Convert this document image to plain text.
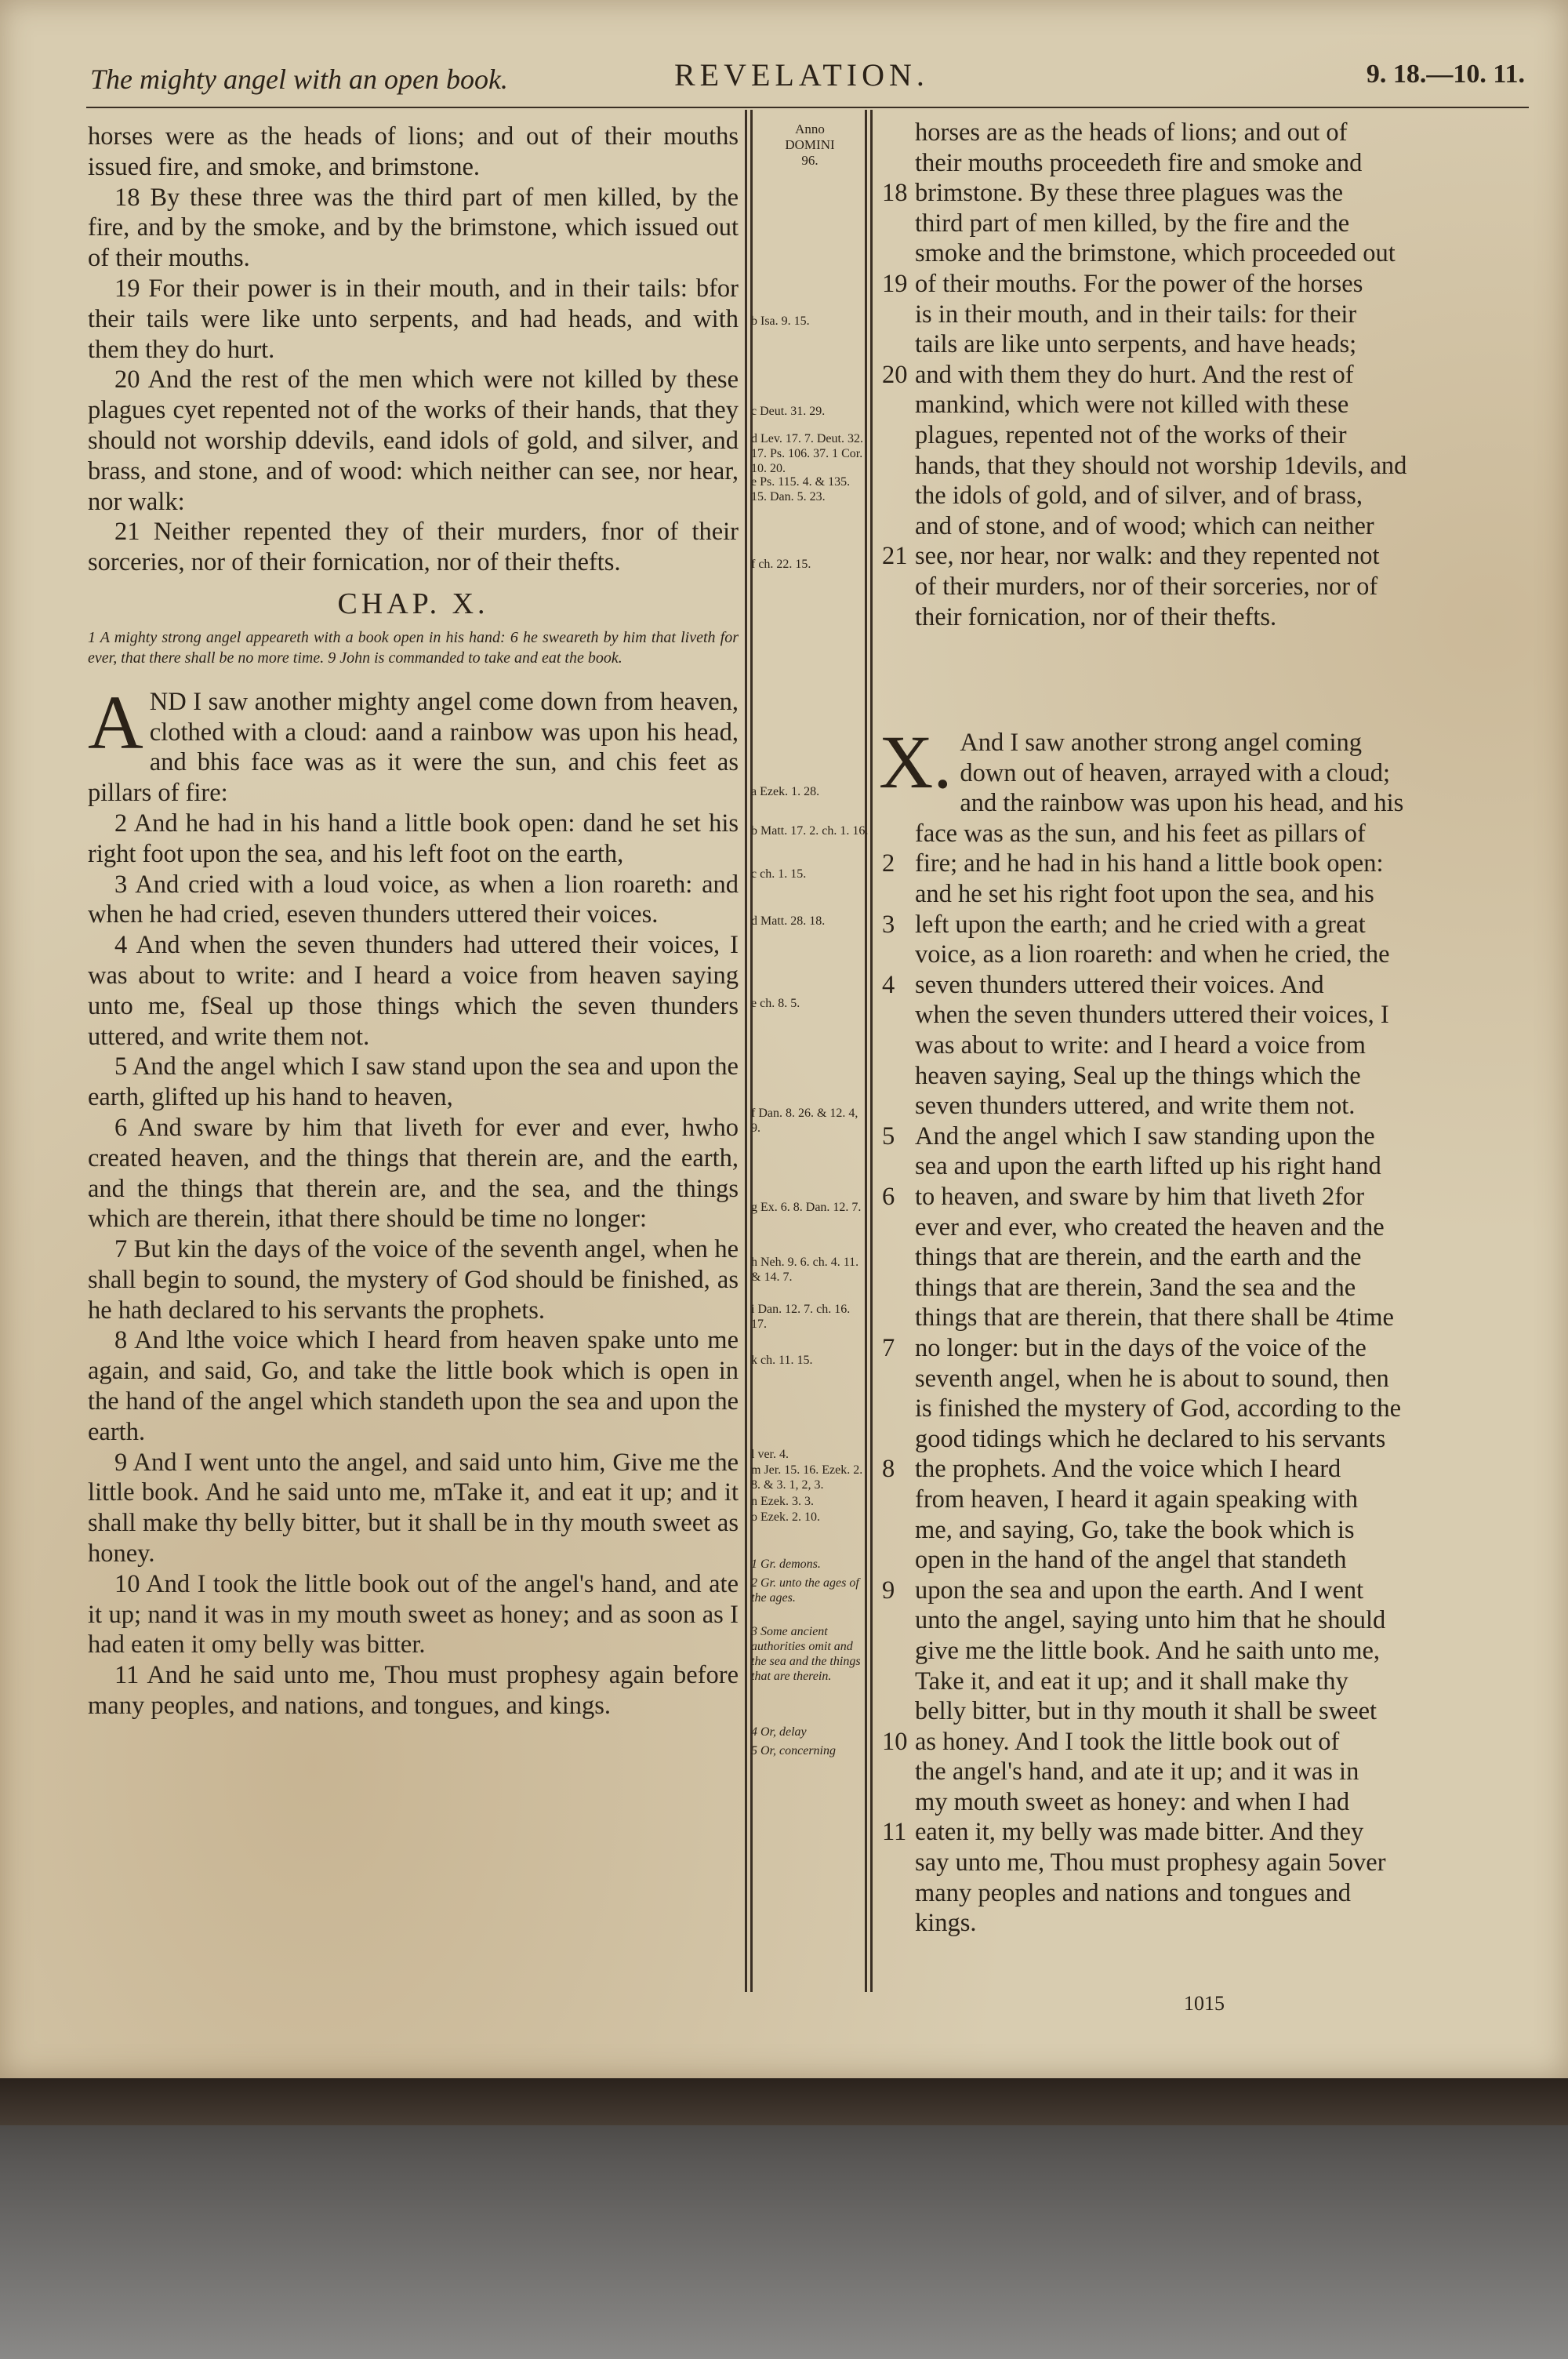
The mighty angel with an open book.	REVELATION.	9. 18.—10. 11.

horses were as the heads of lions; and out of their mouths issued fire, and smoke, and brimstone.

18 By these three was the third part of men killed, by the fire, and by the smoke, and by the brimstone, which issued out of their mouths.

19 For their power is in their mouth, and in their tails: bfor their tails were like unto serpents, and had heads, and with them they do hurt.

20 And the rest of the men which were not killed by these plagues cyet repented not of the works of their hands, that they should not worship ddevils, eand idols of gold, and silver, and brass, and stone, and of wood: which neither can see, nor hear, nor walk:

21 Neither repented they of their murders, fnor of their sorceries, nor of their fornication, nor of their thefts.

CHAP. X.
1 A mighty strong angel appeareth with a book open in his hand: 6 he sweareth by him that liveth for ever, that there shall be no more time. 9 John is commanded to take and eat the book.

AND I saw another mighty angel come down from heaven, clothed with a cloud: aand a rainbow was upon his head, and bhis face was as it were the sun, and chis feet as pillars of fire:

2 And he had in his hand a little book open: dand he set his right foot upon the sea, and his left foot on the earth,

3 And cried with a loud voice, as when a lion roareth: and when he had cried, eseven thunders uttered their voices.

4 And when the seven thunders had uttered their voices, I was about to write: and I heard a voice from heaven saying unto me, fSeal up those things which the seven thunders uttered, and write them not.

5 And the angel which I saw stand upon the sea and upon the earth, glifted up his hand to heaven,

6 And sware by him that liveth for ever and ever, hwho created heaven, and the things that therein are, and the earth, and the things that therein are, and the sea, and the things which are therein, ithat there should be time no longer:

7 But kin the days of the voice of the seventh angel, when he shall begin to sound, the mystery of God should be finished, as he hath declared to his servants the prophets.

8 And lthe voice which I heard from heaven spake unto me again, and said, Go, and take the little book which is open in the hand of the angel which standeth upon the sea and upon the earth.

9 And I went unto the angel, and said unto him, Give me the little book. And he said unto me, mTake it, and eat it up; and it shall make thy belly bitter, but it shall be in thy mouth sweet as honey.

10 And I took the little book out of the angel's hand, and ate it up; nand it was in my mouth sweet as honey; and as soon as I had eaten it omy belly was bitter.

11 And he said unto me, Thou must prophesy again before many peoples, and nations, and tongues, and kings.

Anno
DOMINI
96.
b Isa. 9. 15.
c Deut. 31. 29.
d Lev. 17. 7. Deut. 32. 17. Ps. 106. 37. 1 Cor. 10. 20.
e Ps. 115. 4. & 135. 15. Dan. 5. 23.
f ch. 22. 15.
a Ezek. 1. 28.
b Matt. 17. 2. ch. 1. 16.
c ch. 1. 15.
d Matt. 28. 18.
e ch. 8. 5.
f Dan. 8. 26. & 12. 4, 9.
g Ex. 6. 8. Dan. 12. 7.
h Neh. 9. 6. ch. 4. 11. & 14. 7.
i Dan. 12. 7. ch. 16. 17.
k ch. 11. 15.
l ver. 4.
m Jer. 15. 16. Ezek. 2. 8. & 3. 1, 2, 3.
n Ezek. 3. 3.
o Ezek. 2. 10.
1 Gr. demons.
2 Gr. unto the ages of the ages.
3 Some ancient authorities omit and the sea and the things that are therein.
4 Or, delay
5 Or, concerning
horses are as the heads of lions; and out of
their mouths proceedeth fire and smoke and
18 brimstone. By these three plagues was the
third part of men killed, by the fire and the
smoke and the brimstone, which proceeded out
19 of their mouths. For the power of the horses
is in their mouth, and in their tails: for their
tails are like unto serpents, and have heads;
20 and with them they do hurt. And the rest of
mankind, which were not killed with these
plagues, repented not of the works of their
hands, that they should not worship 1devils, and
the idols of gold, and of silver, and of brass,
and of stone, and of wood; which can neither
21 see, nor hear, nor walk: and they repented not
of their murders, nor of their sorceries, nor of
their fornication, nor of their thefts.
X. And I saw another strong angel coming
down out of heaven, arrayed with a cloud;
and the rainbow was upon his head, and his
face was as the sun, and his feet as pillars of
2 fire; and he had in his hand a little book open:
and he set his right foot upon the sea, and his
3 left upon the earth; and he cried with a great
voice, as a lion roareth: and when he cried, the
4 seven thunders uttered their voices. And
when the seven thunders uttered their voices, I
was about to write: and I heard a voice from
heaven saying, Seal up the things which the
seven thunders uttered, and write them not.
5 And the angel which I saw standing upon the
sea and upon the earth lifted up his right hand
6 to heaven, and sware by him that liveth 2for
ever and ever, who created the heaven and the
things that are therein, and the earth and the
things that are therein, 3and the sea and the
things that are therein, that there shall be 4time
7 no longer: but in the days of the voice of the
seventh angel, when he is about to sound, then
is finished the mystery of God, according to the
good tidings which he declared to his servants
8 the prophets. And the voice which I heard
from heaven, I heard it again speaking with
me, and saying, Go, take the book which is
open in the hand of the angel that standeth
9 upon the sea and upon the earth. And I went
unto the angel, saying unto him that he should
give me the little book. And he saith unto me,
Take it, and eat it up; and it shall make thy
belly bitter, but in thy mouth it shall be sweet
10 as honey. And I took the little book out of
the angel's hand, and ate it up; and it was in
my mouth sweet as honey: and when I had
11 eaten it, my belly was made bitter. And they
say unto me, Thou must prophesy again 5over
many peoples and nations and tongues and
kings.
1015
